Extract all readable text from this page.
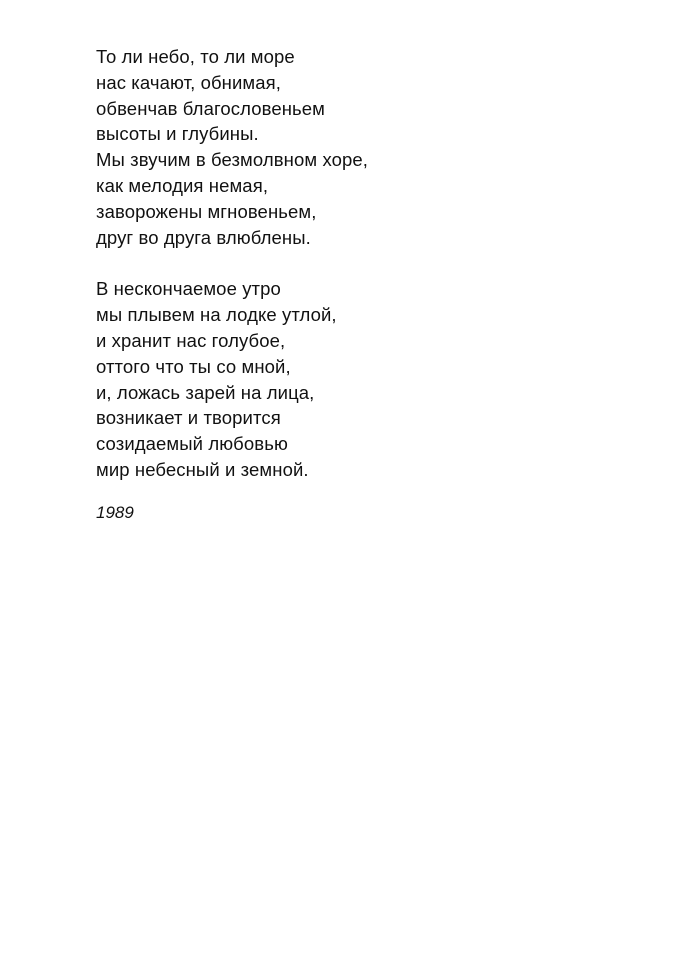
То ли небо, то ли море
нас качают, обнимая,
обвенчав благословеньем
высоты и глубины.
Мы звучим в безмолвном хоре,
как мелодия немая,
заворожены мгновеньем,
друг во друга влюблены.

В нескончаемое утро
мы плывем на лодке утлой,
и хранит нас голубое,
оттого что ты со мной,
и, ложась зарей на лица,
возникает и творится
созидаемый любовью
мир небесный и земной.

1989
